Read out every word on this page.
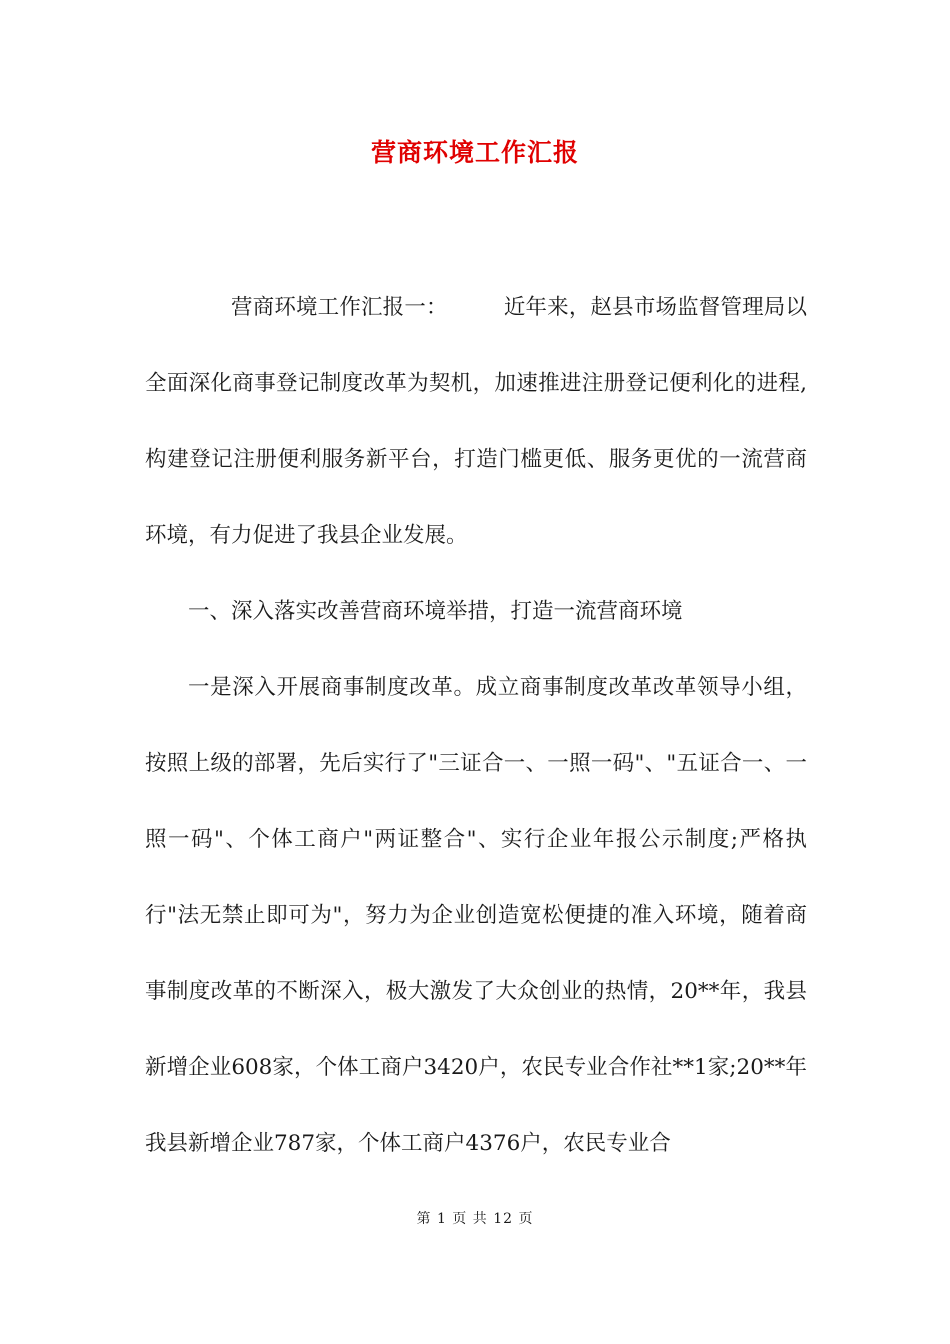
营商环境工作汇报

营商环境工作汇报一：	近年来，赵县市场监督管理局以全面深化商事登记制度改革为契机，加速推进注册登记便利化的进程,构建登记注册便利服务新平台，打造门槛更低、服务更优的一流营商环境，有力促进了我县企业发展。

一、深入落实改善营商环境举措，打造一流营商环境

一是深入开展商事制度改革。成立商事制度改革改革领导小组，按照上级的部署，先后实行了"三证合一、一照一码"、"五证合一、一照一码"、个体工商户"两证整合"、实行企业年报公示制度;严格执行"法无禁止即可为"，努力为企业创造宽松便捷的准入环境，随着商事制度改革的不断深入，极大激发了大众创业的热情，20**年，我县新增企业608家，个体工商户3420户，农民专业合作社**1家;20**年我县新增企业787家，个体工商户4376户，农民专业合

第 1 页 共 12 页
